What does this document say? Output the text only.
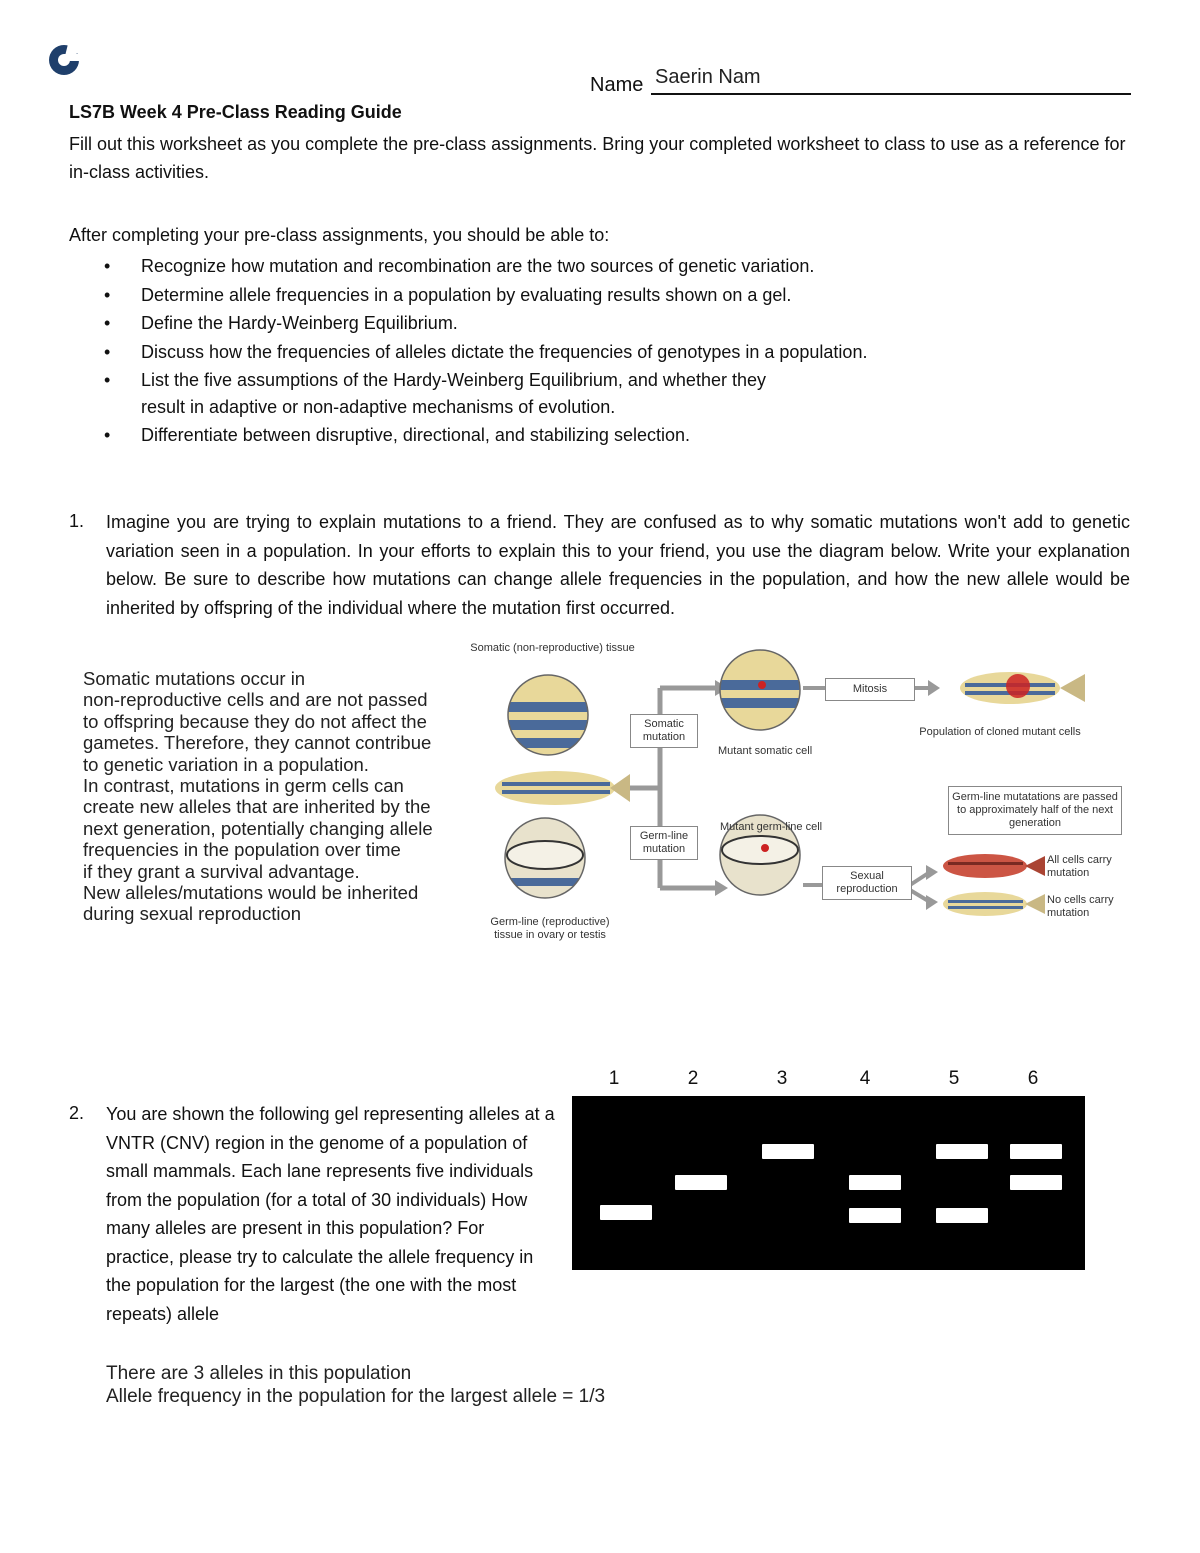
Name Saerin Nam
LS7B Week 4 Pre-Class Reading Guide
Fill out this worksheet as you complete the pre-class assignments. Bring your completed worksheet to class to use as a reference for in-class activities.
After completing your pre-class assignments, you should be able to:
• Recognize how mutation and recombination are the two sources of genetic variation.
• Determine allele frequencies in a population by evaluating results shown on a gel.
• Define the Hardy-Weinberg Equilibrium.
• Discuss how the frequencies of alleles dictate the frequencies of genotypes in a population.
• List the five assumptions of the Hardy-Weinberg Equilibrium, and whether they
result in adaptive or non-adaptive mechanisms of evolution.
• Differentiate between disruptive, directional, and stabilizing selection.
1. Imagine you are trying to explain mutations to a friend. They are confused as to why somatic mutations won't add to genetic variation seen in a population. In your efforts to explain this to your friend, you use the diagram below. Write your explanation below. Be sure to describe how mutations can change allele frequencies in the population, and how the new allele would be inherited by offspring of the individual where the mutation first occurred.
Somatic mutations occur in
non-reproductive cells and are not passed
to offspring because they do not affect the
gametes. Therefore, they cannot contribue
to genetic variation in a population.
In contrast, mutations in germ cells can
create new alleles that are inherited by the
next generation, potentially changing allele
frequencies in the population over time
if they grant a survival advantage.
New alleles/mutations would be inherited
during sexual reproduction
Somatic (non-reproductive) tissue
Somatic mutation
Mutant somatic cell
Mitosis
Population of cloned mutant cells
Germ-line mutation
Mutant germ-line cell
Germ-line mutatations are passed to approximately half of the next generation
Sexual reproduction
All cells carry mutation
No cells carry mutation
Germ-line (reproductive) tissue in ovary or testis
2. You are shown the following gel representing alleles at a VNTR (CNV) region in the genome of a population of small mammals. Each lane represents five individuals from the population (for a total of 30 individuals) How many alleles are present in this population? For practice, please try to calculate the allele frequency in the population for the largest (the one with the most repeats) allele
1	2	3	4	5	6
There are 3 alleles in this population
Allele frequency in the population for the largest allele = 1/3
